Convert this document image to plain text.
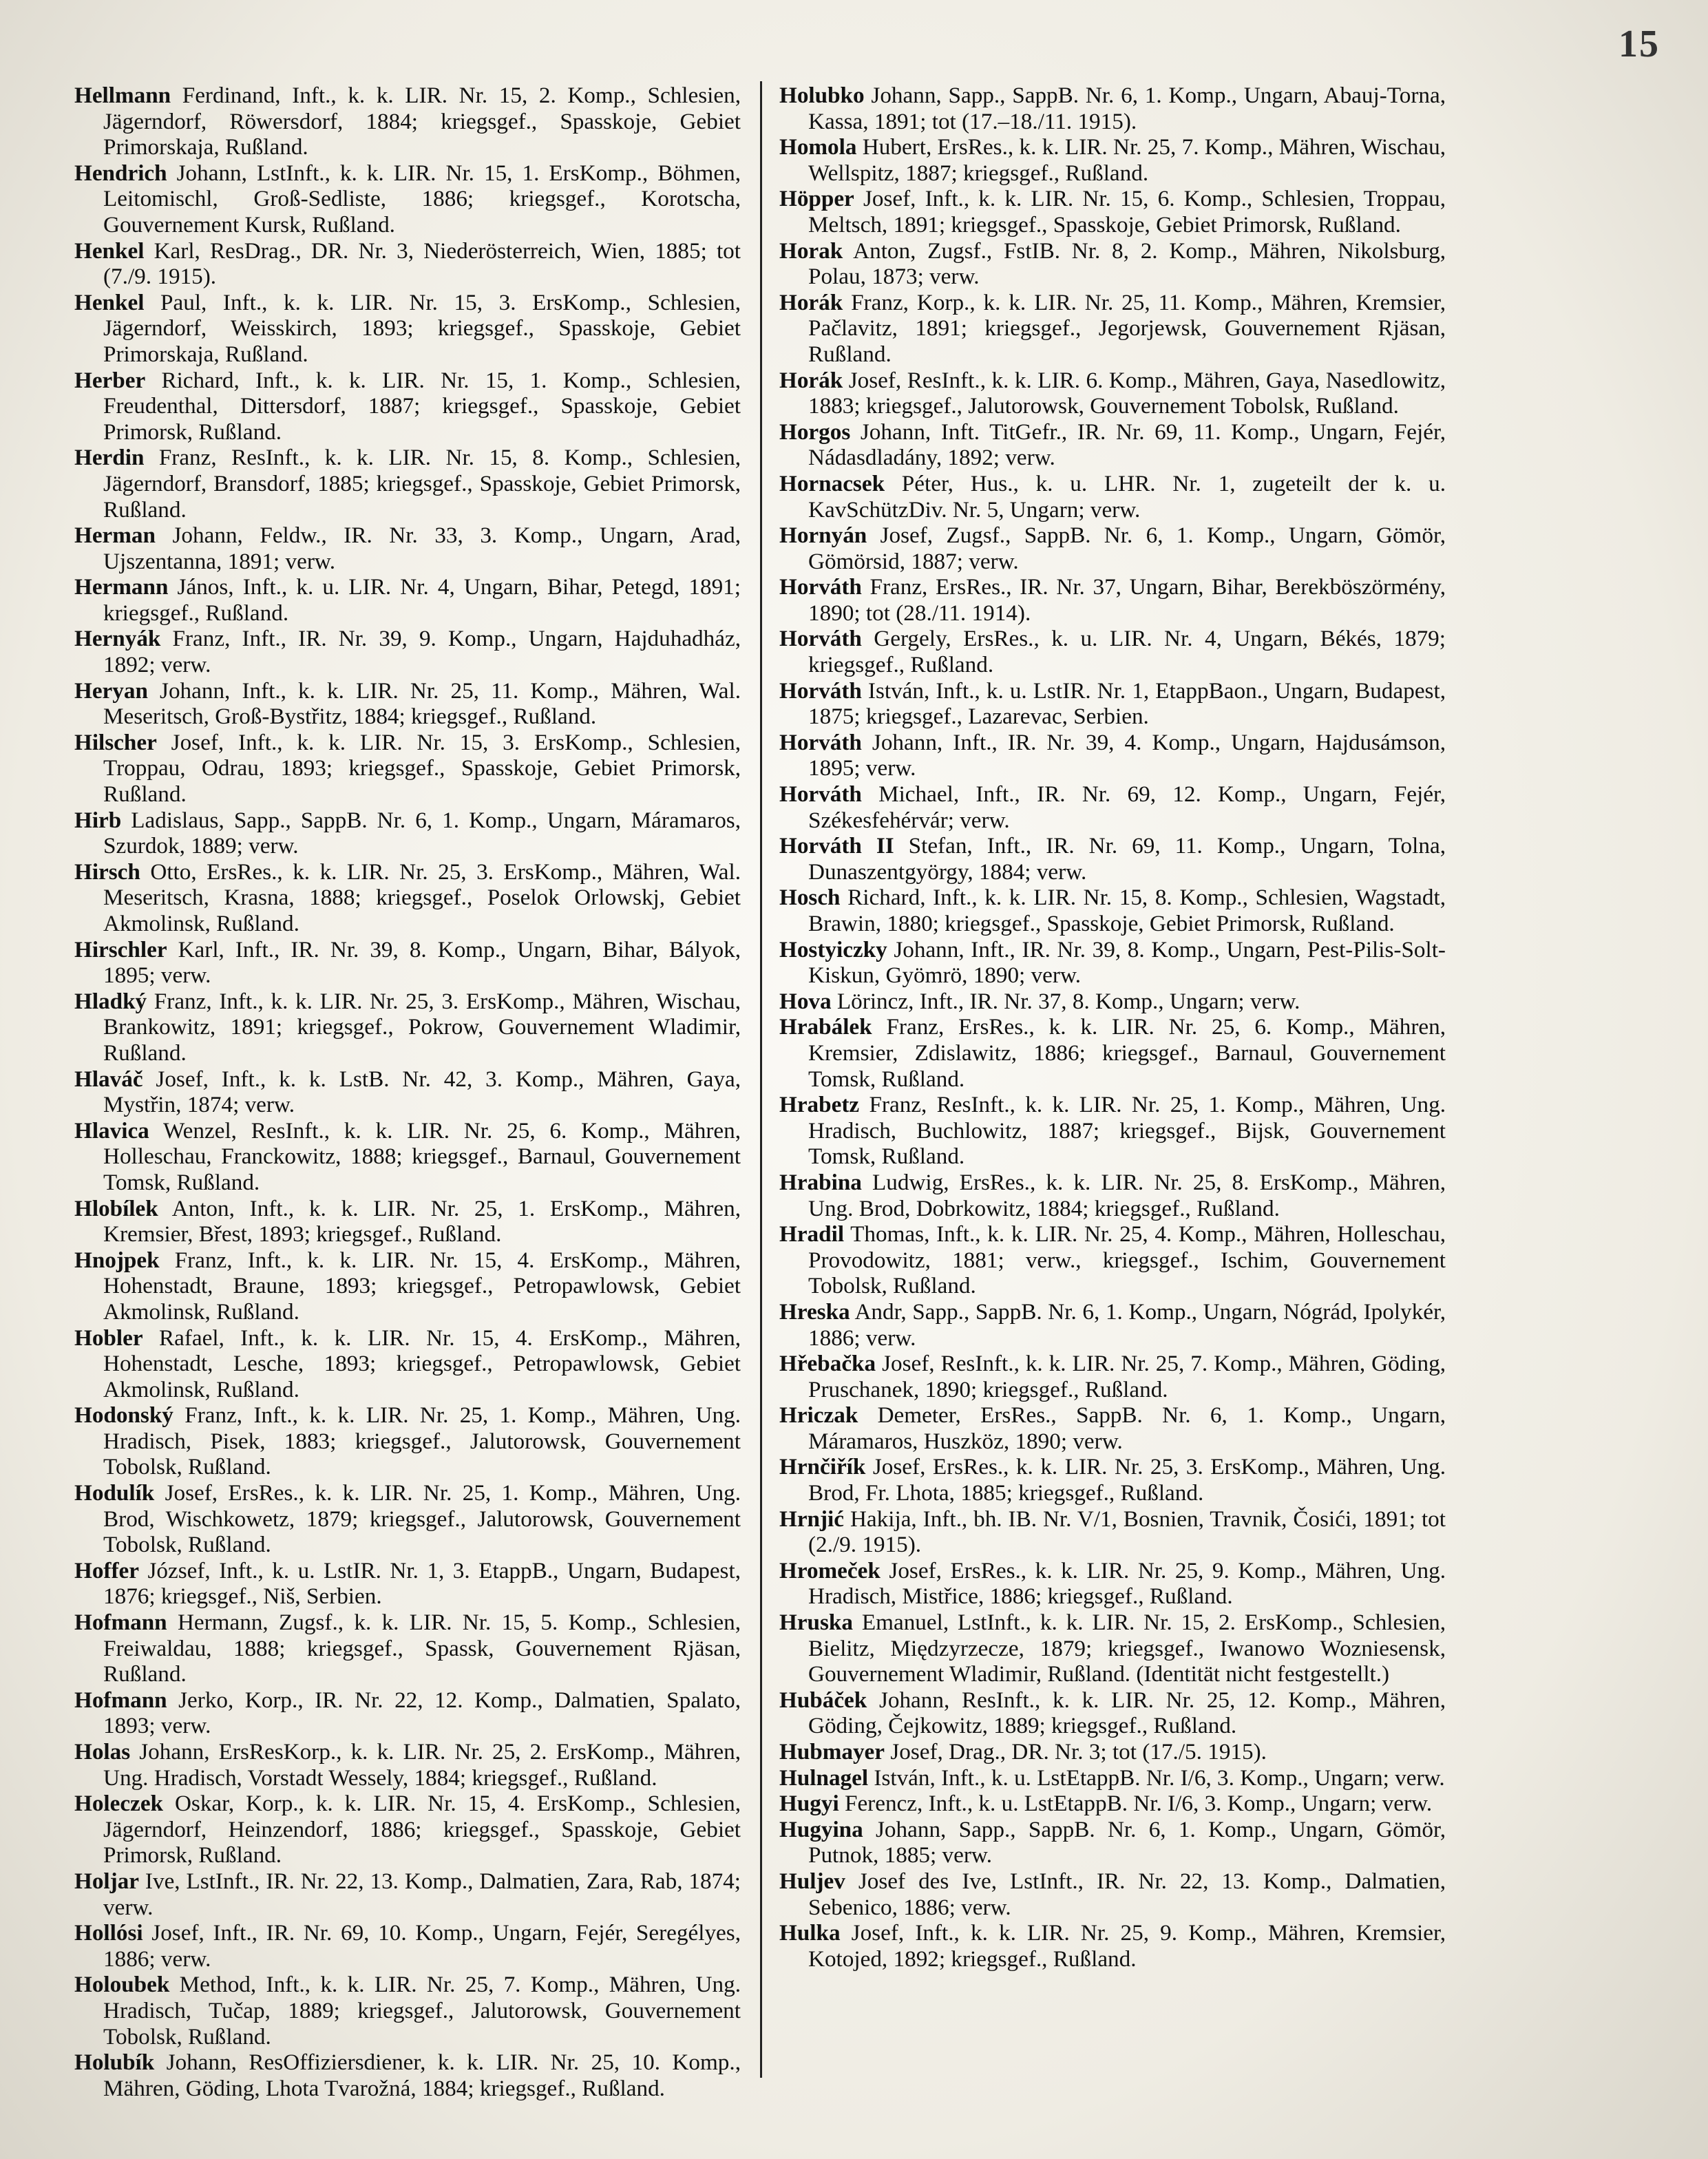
15

Hellmann Ferdinand, Inft., k. k. LIR. Nr. 15, 2. Komp., Schlesien, Jägerndorf, Röwersdorf, 1884; kriegsgef., Spasskoje, Gebiet Primorskaja, Rußland.

Hendrich Johann, LstInft., k. k. LIR. Nr. 15, 1. ErsKomp., Böhmen, Leitomischl, Groß-Sedliste, 1886; kriegsgef., Korotscha, Gouvernement Kursk, Rußland.

Henkel Karl, ResDrag., DR. Nr. 3, Niederösterreich, Wien, 1885; tot (7./9. 1915).

Henkel Paul, Inft., k. k. LIR. Nr. 15, 3. ErsKomp., Schlesien, Jägerndorf, Weisskirch, 1893; kriegsgef., Spasskoje, Gebiet Primorskaja, Rußland.

Herber Richard, Inft., k. k. LIR. Nr. 15, 1. Komp., Schlesien, Freudenthal, Dittersdorf, 1887; kriegsgef., Spasskoje, Gebiet Primorsk, Rußland.

Herdin Franz, ResInft., k. k. LIR. Nr. 15, 8. Komp., Schlesien, Jägerndorf, Bransdorf, 1885; kriegsgef., Spasskoje, Gebiet Primorsk, Rußland.

Herman Johann, Feldw., IR. Nr. 33, 3. Komp., Ungarn, Arad, Ujszentanna, 1891; verw.

Hermann János, Inft., k. u. LIR. Nr. 4, Ungarn, Bihar, Petegd, 1891; kriegsgef., Rußland.

Hernyák Franz, Inft., IR. Nr. 39, 9. Komp., Ungarn, Hajduhadház, 1892; verw.

Heryan Johann, Inft., k. k. LIR. Nr. 25, 11. Komp., Mähren, Wal. Meseritsch, Groß-Bystřitz, 1884; kriegsgef., Rußland.

Hilscher Josef, Inft., k. k. LIR. Nr. 15, 3. ErsKomp., Schlesien, Troppau, Odrau, 1893; kriegsgef., Spasskoje, Gebiet Primorsk, Rußland.

Hirb Ladislaus, Sapp., SappB. Nr. 6, 1. Komp., Ungarn, Máramaros, Szurdok, 1889; verw.

Hirsch Otto, ErsRes., k. k. LIR. Nr. 25, 3. ErsKomp., Mähren, Wal. Meseritsch, Krasna, 1888; kriegsgef., Poselok Orlowskj, Gebiet Akmolinsk, Rußland.

Hirschler Karl, Inft., IR. Nr. 39, 8. Komp., Ungarn, Bihar, Bályok, 1895; verw.

Hladký Franz, Inft., k. k. LIR. Nr. 25, 3. ErsKomp., Mähren, Wischau, Brankowitz, 1891; kriegsgef., Pokrow, Gouvernement Wladimir, Rußland.

Hlaváč Josef, Inft., k. k. LstB. Nr. 42, 3. Komp., Mähren, Gaya, Mystřin, 1874; verw.

Hlavica Wenzel, ResInft., k. k. LIR. Nr. 25, 6. Komp., Mähren, Holleschau, Franckowitz, 1888; kriegsgef., Barnaul, Gouvernement Tomsk, Rußland.

Hlobílek Anton, Inft., k. k. LIR. Nr. 25, 1. ErsKomp., Mähren, Kremsier, Břest, 1893; kriegsgef., Rußland.

Hnojpek Franz, Inft., k. k. LIR. Nr. 15, 4. ErsKomp., Mähren, Hohenstadt, Braune, 1893; kriegsgef., Petropawlowsk, Gebiet Akmolinsk, Rußland.

Hobler Rafael, Inft., k. k. LIR. Nr. 15, 4. ErsKomp., Mähren, Hohenstadt, Lesche, 1893; kriegsgef., Petropawlowsk, Gebiet Akmolinsk, Rußland.

Hodonský Franz, Inft., k. k. LIR. Nr. 25, 1. Komp., Mähren, Ung. Hradisch, Pisek, 1883; kriegsgef., Jalutorowsk, Gouvernement Tobolsk, Rußland.

Hodulík Josef, ErsRes., k. k. LIR. Nr. 25, 1. Komp., Mähren, Ung. Brod, Wischkowetz, 1879; kriegsgef., Jalutorowsk, Gouvernement Tobolsk, Rußland.

Hoffer József, Inft., k. u. LstIR. Nr. 1, 3. EtappB., Ungarn, Budapest, 1876; kriegsgef., Niš, Serbien.

Hofmann Hermann, Zugsf., k. k. LIR. Nr. 15, 5. Komp., Schlesien, Freiwaldau, 1888; kriegsgef., Spassk, Gouvernement Rjäsan, Rußland.

Hofmann Jerko, Korp., IR. Nr. 22, 12. Komp., Dalmatien, Spalato, 1893; verw.

Holas Johann, ErsResKorp., k. k. LIR. Nr. 25, 2. ErsKomp., Mähren, Ung. Hradisch, Vorstadt Wessely, 1884; kriegsgef., Rußland.

Holeczek Oskar, Korp., k. k. LIR. Nr. 15, 4. ErsKomp., Schlesien, Jägerndorf, Heinzendorf, 1886; kriegsgef., Spasskoje, Gebiet Primorsk, Rußland.

Holjar Ive, LstInft., IR. Nr. 22, 13. Komp., Dalmatien, Zara, Rab, 1874; verw.

Hollósi Josef, Inft., IR. Nr. 69, 10. Komp., Ungarn, Fejér, Seregélyes, 1886; verw.

Holoubek Method, Inft., k. k. LIR. Nr. 25, 7. Komp., Mähren, Ung. Hradisch, Tučap, 1889; kriegsgef., Jalutorowsk, Gouvernement Tobolsk, Rußland.

Holubík Johann, ResOffiziersdiener, k. k. LIR. Nr. 25, 10. Komp., Mähren, Göding, Lhota Tvarožná, 1884; kriegsgef., Rußland.

Holubko Johann, Sapp., SappB. Nr. 6, 1. Komp., Ungarn, Abauj-Torna, Kassa, 1891; tot (17.–18./11. 1915).

Homola Hubert, ErsRes., k. k. LIR. Nr. 25, 7. Komp., Mähren, Wischau, Wellspitz, 1887; kriegsgef., Rußland.

Höpper Josef, Inft., k. k. LIR. Nr. 15, 6. Komp., Schlesien, Troppau, Meltsch, 1891; kriegsgef., Spasskoje, Gebiet Primorsk, Rußland.

Horak Anton, Zugsf., FstIB. Nr. 8, 2. Komp., Mähren, Nikolsburg, Polau, 1873; verw.

Horák Franz, Korp., k. k. LIR. Nr. 25, 11. Komp., Mähren, Kremsier, Pačlavitz, 1891; kriegsgef., Jegorjewsk, Gouvernement Rjäsan, Rußland.

Horák Josef, ResInft., k. k. LIR. 6. Komp., Mähren, Gaya, Nasedlowitz, 1883; kriegsgef., Jalutorowsk, Gouvernement Tobolsk, Rußland.

Horgos Johann, Inft. TitGefr., IR. Nr. 69, 11. Komp., Ungarn, Fejér, Nádasdladány, 1892; verw.

Hornacsek Péter, Hus., k. u. LHR. Nr. 1, zugeteilt der k. u. KavSchützDiv. Nr. 5, Ungarn; verw.

Hornyán Josef, Zugsf., SappB. Nr. 6, 1. Komp., Ungarn, Gömör, Gömörsid, 1887; verw.

Horváth Franz, ErsRes., IR. Nr. 37, Ungarn, Bihar, Berekböszörmény, 1890; tot (28./11. 1914).

Horváth Gergely, ErsRes., k. u. LIR. Nr. 4, Ungarn, Békés, 1879; kriegsgef., Rußland.

Horváth István, Inft., k. u. LstIR. Nr. 1, EtappBaon., Ungarn, Budapest, 1875; kriegsgef., Lazarevac, Serbien.

Horváth Johann, Inft., IR. Nr. 39, 4. Komp., Ungarn, Hajdusámson, 1895; verw.

Horváth Michael, Inft., IR. Nr. 69, 12. Komp., Ungarn, Fejér, Székesfehérvár; verw.

Horváth II Stefan, Inft., IR. Nr. 69, 11. Komp., Ungarn, Tolna, Dunaszentgyörgy, 1884; verw.

Hosch Richard, Inft., k. k. LIR. Nr. 15, 8. Komp., Schlesien, Wagstadt, Brawin, 1880; kriegsgef., Spasskoje, Gebiet Primorsk, Rußland.

Hostyiczky Johann, Inft., IR. Nr. 39, 8. Komp., Ungarn, Pest-Pilis-Solt-Kiskun, Gyömrö, 1890; verw.

Hova Lörincz, Inft., IR. Nr. 37, 8. Komp., Ungarn; verw.

Hrabálek Franz, ErsRes., k. k. LIR. Nr. 25, 6. Komp., Mähren, Kremsier, Zdislawitz, 1886; kriegsgef., Barnaul, Gouvernement Tomsk, Rußland.

Hrabetz Franz, ResInft., k. k. LIR. Nr. 25, 1. Komp., Mähren, Ung. Hradisch, Buchlowitz, 1887; kriegsgef., Bijsk, Gouvernement Tomsk, Rußland.

Hrabina Ludwig, ErsRes., k. k. LIR. Nr. 25, 8. ErsKomp., Mähren, Ung. Brod, Dobrkowitz, 1884; kriegsgef., Rußland.

Hradil Thomas, Inft., k. k. LIR. Nr. 25, 4. Komp., Mähren, Holleschau, Provodowitz, 1881; verw., kriegsgef., Ischim, Gouvernement Tobolsk, Rußland.

Hreska Andr, Sapp., SappB. Nr. 6, 1. Komp., Ungarn, Nógrád, Ipolykér, 1886; verw.

Hřebačka Josef, ResInft., k. k. LIR. Nr. 25, 7. Komp., Mähren, Göding, Pruschanek, 1890; kriegsgef., Rußland.

Hriczak Demeter, ErsRes., SappB. Nr. 6, 1. Komp., Ungarn, Máramaros, Huszköz, 1890; verw.

Hrnčiřík Josef, ErsRes., k. k. LIR. Nr. 25, 3. ErsKomp., Mähren, Ung. Brod, Fr. Lhota, 1885; kriegsgef., Rußland.

Hrnjić Hakija, Inft., bh. IB. Nr. V/1, Bosnien, Travnik, Čosići, 1891; tot (2./9. 1915).

Hromeček Josef, ErsRes., k. k. LIR. Nr. 25, 9. Komp., Mähren, Ung. Hradisch, Mistřice, 1886; kriegsgef., Rußland.

Hruska Emanuel, LstInft., k. k. LIR. Nr. 15, 2. ErsKomp., Schlesien, Bielitz, Międzyrzecze, 1879; kriegsgef., Iwanowo Wozniesensk, Gouvernement Wladimir, Rußland. (Identität nicht festgestellt.)

Hubáček Johann, ResInft., k. k. LIR. Nr. 25, 12. Komp., Mähren, Göding, Čejkowitz, 1889; kriegsgef., Rußland.

Hubmayer Josef, Drag., DR. Nr. 3; tot (17./5. 1915).

Hulnagel István, Inft., k. u. LstEtappB. Nr. I/6, 3. Komp., Ungarn; verw.

Hugyi Ferencz, Inft., k. u. LstEtappB. Nr. I/6, 3. Komp., Ungarn; verw.

Hugyina Johann, Sapp., SappB. Nr. 6, 1. Komp., Ungarn, Gömör, Putnok, 1885; verw.

Huljev Josef des Ive, LstInft., IR. Nr. 22, 13. Komp., Dalmatien, Sebenico, 1886; verw.

Hulka Josef, Inft., k. k. LIR. Nr. 25, 9. Komp., Mähren, Kremsier, Kotojed, 1892; kriegsgef., Rußland.
